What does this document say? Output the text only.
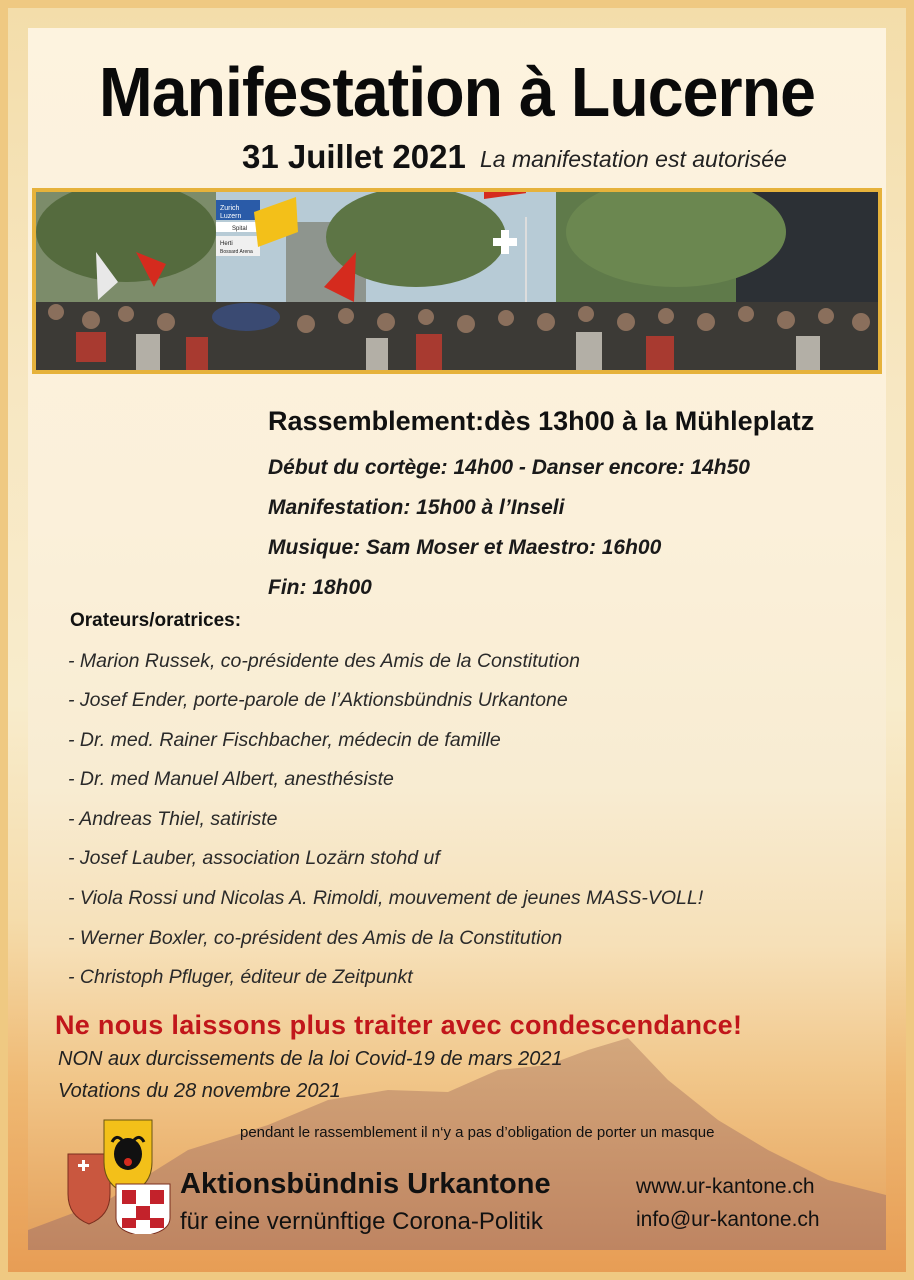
Manifestation à Lucerne
31 Juillet 2021 La manifestation est autorisée
Zurich
Luzern
Spital
Herti
Bossard Arena
Rassemblement:dès 13h00 à la Mühleplatz
Début du cortège: 14h00 - Danser encore: 14h50
Manifestation: 15h00 à l’Inseli
Musique: Sam Moser et Maestro: 16h00
Fin: 18h00
Orateurs/oratrices:
- Marion Russek, co-présidente des Amis de la Constitution
- Josef Ender, porte-parole de l’Aktionsbündnis Urkantone
- Dr. med. Rainer Fischbacher, médecin de famille
- Dr. med Manuel Albert, anesthésiste
- Andreas Thiel, satiriste
- Josef Lauber, association Lozärn stohd uf
- Viola Rossi und Nicolas A. Rimoldi, mouvement de jeunes MASS-VOLL!
- Werner Boxler, co-président des Amis de la Constitution
- Christoph Pfluger, éditeur de Zeitpunkt
Ne nous laissons plus traiter avec condescendance!
NON aux durcissements de la loi Covid-19 de mars 2021
Votations du 28 novembre 2021
pendant le rassemblement il n‘y a pas d’obligation de porter un masque
Aktionsbündnis Urkantone
für eine vernünftige Corona-Politik
www.ur-kantone.ch
info@ur-kantone.ch
